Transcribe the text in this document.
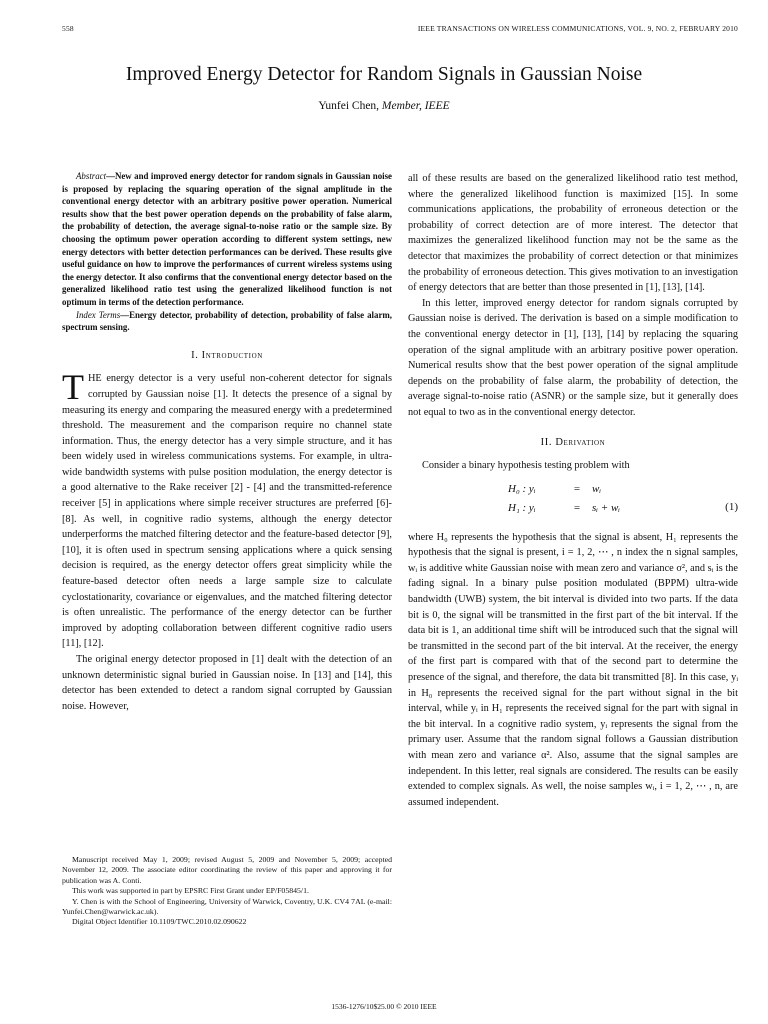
558	IEEE TRANSACTIONS ON WIRELESS COMMUNICATIONS, VOL. 9, NO. 2, FEBRUARY 2010
Improved Energy Detector for Random Signals in Gaussian Noise
Yunfei Chen, Member, IEEE

Abstract—New and improved energy detector for random signals in Gaussian noise is proposed by replacing the squaring operation of the signal amplitude in the conventional energy detector with an arbitrary positive power operation. Numerical results show that the best power operation depends on the probability of false alarm, the probability of detection, the average signal-to-noise ratio or the sample size. By choosing the optimum power operation according to different system settings, new energy detectors with better detection performances can be derived. These results give useful guidance on how to improve the performances of current wireless systems using the energy detector. It also confirms that the conventional energy detector based on the generalized likelihood ratio test using the generalized likelihood function is not optimum in terms of the detection performance.

Index Terms—Energy detector, probability of detection, probability of false alarm, spectrum sensing.

I. Introduction

THE energy detector is a very useful non-coherent detector for signals corrupted by Gaussian noise [1]. It detects the presence of a signal by measuring its energy and comparing the measured energy with a predetermined threshold. The measurement and the comparison require no channel state information. Thus, the energy detector has a very simple structure, and it has been widely used in wireless communications systems. For example, in ultra-wide bandwidth systems with pulse position modulation, the energy detector is a good alternative to the Rake receiver [2] - [4] and the transmitted-reference receiver [5] in applications where simple receiver structures are preferred [6]- [8]. As well, in cognitive radio systems, although the energy detector underperforms the matched filtering detector and the feature-based detector [9], [10], it is often used in spectrum sensing applications where a quick sensing decision is required, as the energy detector offers great simplicity while the feature-based detector often needs a large sample size to calculate cyclostationarity, covariance or eigenvalues, and the matched filtering detector is often unrealistic. The performance of the energy detector can be further improved by adopting collaboration between different cognitive radio users [11], [12].

The original energy detector proposed in [1] dealt with the detection of an unknown deterministic signal buried in Gaussian noise. In [13] and [14], this detector has been extended to detect a random signal corrupted by Gaussian noise. However,

Manuscript received May 1, 2009; revised August 5, 2009 and November 5, 2009; accepted November 12, 2009. The associate editor coordinating the review of this paper and approving it for publication was A. Conti.

This work was supported in part by EPSRC First Grant under EP/F05845/1.

Y. Chen is with the School of Engineering, University of Warwick, Coventry, U.K. CV4 7AL (e-mail: Yunfei.Chen@warwick.ac.uk).

Digital Object Identifier 10.1109/TWC.2010.02.090622

all of these results are based on the generalized likelihood ratio test method, where the generalized likelihood function is maximized [15]. In some communications applications, the probability of erroneous detection or the probability of correct detection are of more interest. The detector that maximizes the generalized likelihood function may not be the same as the detector that maximizes the probability of correct detection or that minimizes the probability of erroneous detection. This gives motivation to an investigation of energy detectors that are better than those presented in [1], [13], [14].

In this letter, improved energy detector for random signals corrupted by Gaussian noise is derived. The derivation is based on a simple modification to the conventional energy detector in [1], [13], [14] by replacing the squaring operation of the signal amplitude with an arbitrary positive power operation. Numerical results show that the best power operation of the signal amplitude depends on the probability of false alarm, the probability of detection, the average signal-to-noise ratio (ASNR) or the sample size, but it generally does not equal to two as in the conventional energy detector.

II. Derivation

Consider a binary hypothesis testing problem with

H₀ : yᵢ	=	wᵢ
H₁ : yᵢ	=	sᵢ + wᵢ	(1)

where H₀ represents the hypothesis that the signal is absent, H₁ represents the hypothesis that the signal is present, i = 1, 2, ⋯ , n index the n signal samples, wᵢ is additive white Gaussian noise with mean zero and variance σ², and sᵢ is the fading signal. In a binary pulse position modulated (BPPM) ultra-wide bandwidth (UWB) system, the bit interval is divided into two parts. If the data bit is 0, the signal will be transmitted in the first part of the bit interval. If the data bit is 1, an additional time shift will be introduced such that the signal will be transmitted in the second part of the bit interval. At the receiver, the energy of the first part is compared with that of the second part to determine the presence of the signal, and therefore, the data bit transmitted [8]. In this case, yᵢ in H₀ represents the received signal for the part without signal in the bit interval, while yᵢ in H₁ represents the received signal for the part with signal in the bit interval. In a cognitive radio system, yᵢ represents the signal from the primary user. Assume that the random signal follows a Gaussian distribution with mean zero and variance α². Also, assume that the signal samples are independent. In this letter, real signals are considered. The results can be easily extended to complex signals. As well, the noise samples wᵢ, i = 1, 2, ⋯ , n, are assumed independent.

1536-1276/10$25.00 © 2010 IEEE
